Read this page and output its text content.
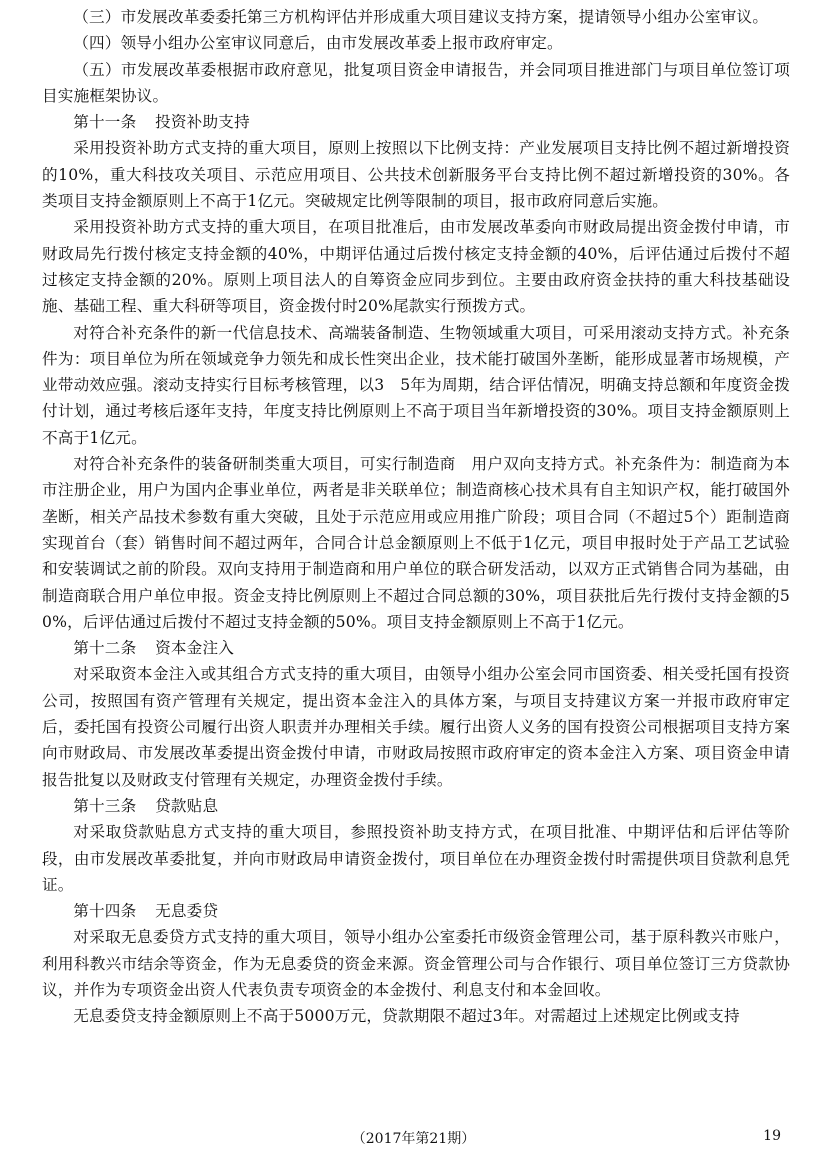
（三）市发展改革委委托第三方机构评估并形成重大项目建议支持方案，提请领导小组办公室审议。

（四）领导小组办公室审议同意后，由市发展改革委上报市政府审定。

（五）市发展改革委根据市政府意见，批复项目资金申请报告，并会同项目推进部门与项目单位签订项目实施框架协议。

第十一条 投资补助支持

采用投资补助方式支持的重大项目，原则上按照以下比例支持：产业发展项目支持比例不超过新增投资的10%，重大科技攻关项目、示范应用项目、公共技术创新服务平台支持比例不超过新增投资的30%。各类项目支持金额原则上不高于1亿元。突破规定比例等限制的项目，报市政府同意后实施。

采用投资补助方式支持的重大项目，在项目批准后，由市发展改革委向市财政局提出资金拨付申请，市财政局先行拨付核定支持金额的40%，中期评估通过后拨付核定支持金额的40%，后评估通过后拨付不超过核定支持金额的20%。原则上项目法人的自筹资金应同步到位。主要由政府资金扶持的重大科技基础设施、基础工程、重大科研等项目，资金拨付时20%尾款实行预拨方式。

对符合补充条件的新一代信息技术、高端装备制造、生物领域重大项目，可采用滚动支持方式。补充条件为：项目单位为所在领域竞争力领先和成长性突出企业，技术能打破国外垄断，能形成显著市场规模，产业带动效应强。滚动支持实行目标考核管理，以3　5年为周期，结合评估情况，明确支持总额和年度资金拨付计划，通过考核后逐年支持，年度支持比例原则上不高于项目当年新增投资的30%。项目支持金额原则上不高于1亿元。

对符合补充条件的装备研制类重大项目，可实行制造商　用户双向支持方式。补充条件为：制造商为本市注册企业，用户为国内企事业单位，两者是非关联单位；制造商核心技术具有自主知识产权，能打破国外垄断，相关产品技术参数有重大突破，且处于示范应用或应用推广阶段；项目合同（不超过5个）距制造商实现首台（套）销售时间不超过两年，合同合计总金额原则上不低于1亿元，项目申报时处于产品工艺试验和安装调试之前的阶段。双向支持用于制造商和用户单位的联合研发活动，以双方正式销售合同为基础，由制造商联合用户单位申报。资金支持比例原则上不超过合同总额的30%，项目获批后先行拨付支持金额的50%，后评估通过后拨付不超过支持金额的50%。项目支持金额原则上不高于1亿元。

第十二条 资本金注入

对采取资本金注入或其组合方式支持的重大项目，由领导小组办公室会同市国资委、相关受托国有投资公司，按照国有资产管理有关规定，提出资本金注入的具体方案，与项目支持建议方案一并报市政府审定后，委托国有投资公司履行出资人职责并办理相关手续。履行出资人义务的国有投资公司根据项目支持方案向市财政局、市发展改革委提出资金拨付申请，市财政局按照市政府审定的资本金注入方案、项目资金申请报告批复以及财政支付管理有关规定，办理资金拨付手续。

第十三条 贷款贴息

对采取贷款贴息方式支持的重大项目，参照投资补助支持方式，在项目批准、中期评估和后评估等阶段，由市发展改革委批复，并向市财政局申请资金拨付，项目单位在办理资金拨付时需提供项目贷款利息凭证。

第十四条 无息委贷

对采取无息委贷方式支持的重大项目，领导小组办公室委托市级资金管理公司，基于原科教兴市账户，利用科教兴市结余等资金，作为无息委贷的资金来源。资金管理公司与合作银行、项目单位签订三方贷款协议，并作为专项资金出资人代表负责专项资金的本金拨付、利息支付和本金回收。

无息委贷支持金额原则上不高于5000万元，贷款期限不超过3年。对需超过上述规定比例或支持

（2017年第21期）	19
